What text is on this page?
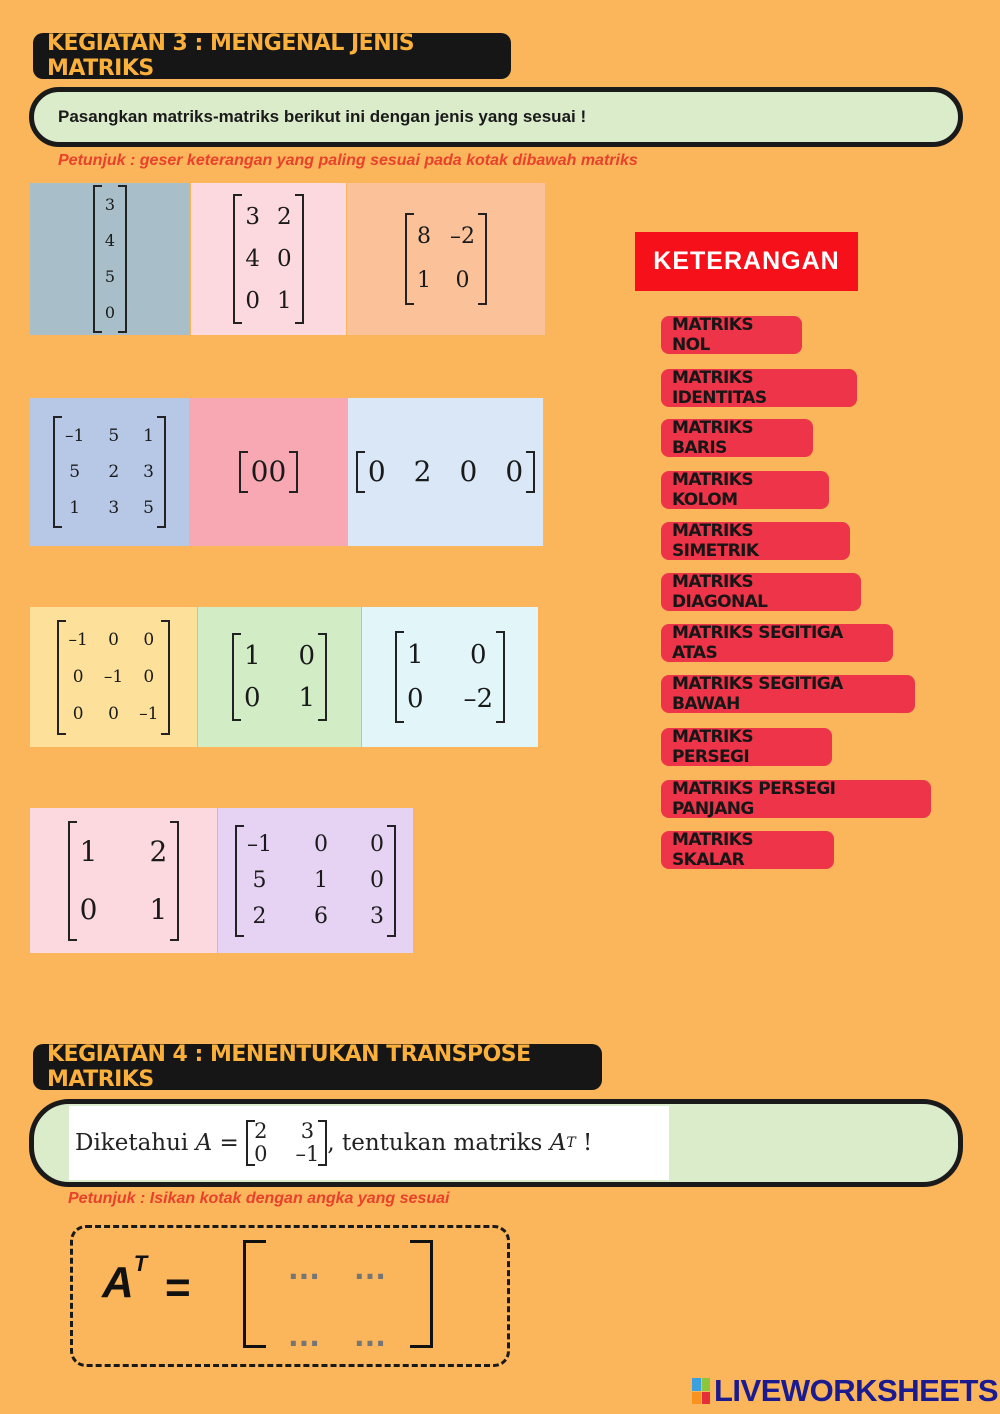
KEGIATAN 3 : MENGENAL JENIS MATRIKS
Pasangkan matriks-matriks berikut ini dengan jenis yang sesuai !
Petunjuk : geser keterangan yang paling sesuai pada kotak dibawah matriks
3
4
5
0
3 2
4 0
0 1
8 –2
1 0
–1 5 1
5 2 3
1 3 5
0 0	0 2 0 0
–1 0 0
0 –1 0
0 0 –1
1 0
0 1
1 0
0 –2
1 2
0 1
–1 0 0
5 1 0
2 6 3
KETERANGAN
MATRIKS NOL
MATRIKS IDENTITAS
MATRIKS BARIS
MATRIKS KOLOM
MATRIKS SIMETRIK
MATRIKS DIAGONAL
MATRIKS SEGITIGA ATAS
MATRIKS SEGITIGA BAWAH
MATRIKS PERSEGI
MATRIKS PERSEGI PANJANG
MATRIKS SKALAR
KEGIATAN 4 : MENENTUKAN TRANSPOSE MATRIKS
Diketahui
A
=
2 3
0 –1 , tentukan matriks
A T
!
Petunjuk : Isikan kotak dengan angka yang sesuai
$A^T$ =
...
...
...
...
LIVEWORKSHEETS
